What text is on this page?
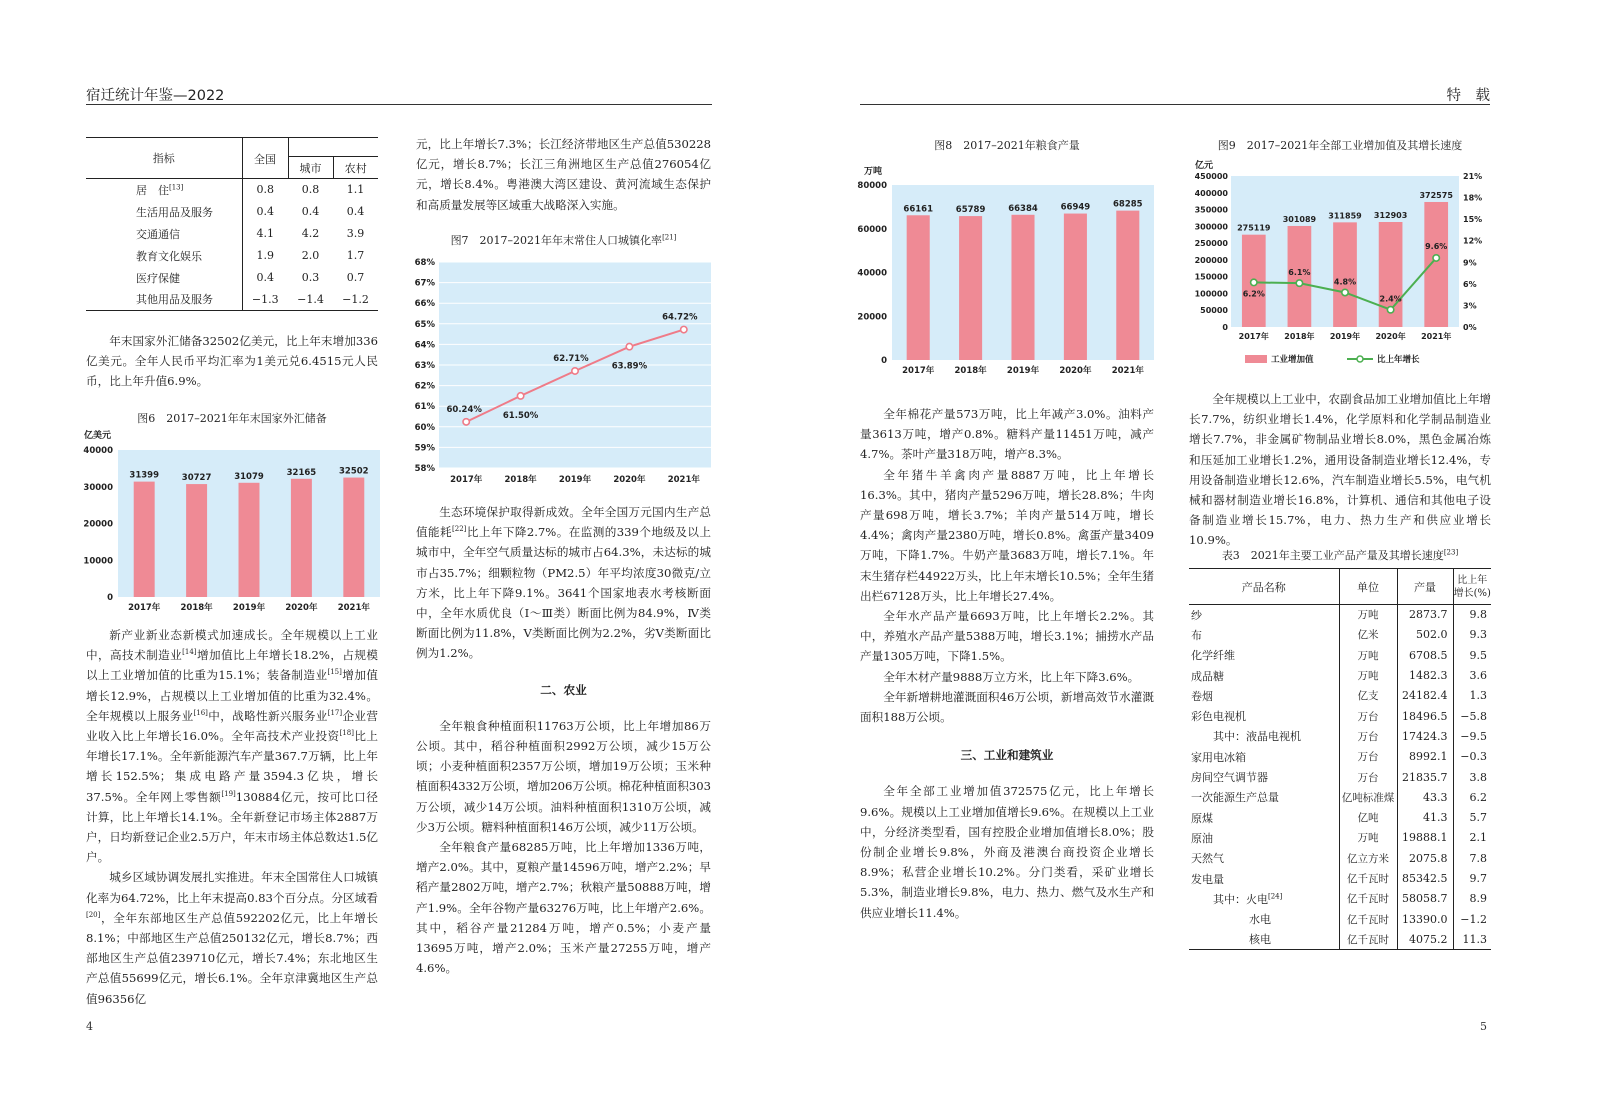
宿迁统计年鉴—2022
指标	全国		
		城市	农村
居　住[13]	0.8	0.8	1.1
生活用品及服务	0.4	0.4	0.4
交通通信	4.1	4.2	3.9
教育文化娱乐	1.9	2.0	1.7
医疗保健	0.4	0.3	0.7
其他用品及服务	−1.3	−1.4	−1.2

年末国家外汇储备32502亿美元，比上年末增加336亿美元。全年人民币平均汇率为1美元兑6.4515元人民币，比上年升值6.9%。

图6　2017–2021年年末国家外汇储备
亿美元
0
10000
20000
30000
40000
31399
2017年
30727
2018年
31079
2019年
32165
2020年
32502
2021年

新产业新业态新模式加速成长。全年规模以上工业中，高技术制造业[14]增加值比上年增长18.2%，占规模以上工业增加值的比重为15.1%；装备制造业[15]增加值增长12.9%，占规模以上工业增加值的比重为32.4%。全年规模以上服务业[16]中，战略性新兴服务业[17]企业营业收入比上年增长16.0%。全年高技术产业投资[18]比上年增长17.1%。全年新能源汽车产量367.7万辆，比上年增长152.5%；集成电路产量3594.3亿块，增长37.5%。全年网上零售额[19]130884亿元，按可比口径计算，比上年增长14.1%。全年新登记市场主体2887万户，日均新登记企业2.5万户，年末市场主体总数达1.5亿户。

城乡区域协调发展扎实推进。年末全国常住人口城镇化率为64.72%，比上年末提高0.83个百分点。分区域看[20]，全年东部地区生产总值592202亿元，比上年增长8.1%；中部地区生产总值250132亿元，增长8.7%；西部地区生产总值239710亿元，增长7.4%；东北地区生产总值55699亿元，增长6.1%。全年京津冀地区生产总值96356亿

元，比上年增长7.3%；长江经济带地区生产总值530228亿元，增长8.7%；长江三角洲地区生产总值276054亿元，增长8.4%。粤港澳大湾区建设、黄河流域生态保护和高质量发展等区域重大战略深入实施。

图7　2017–2021年年末常住人口城镇化率[21]
58%
59%
60%
61%
62%
63%
64%
65%
66%
67%
68%
60.24%
2017年
61.50%
2018年
62.71%
2019年
63.89%
2020年
64.72%
2021年

生态环境保护取得新成效。全年全国万元国内生产总值能耗[22]比上年下降2.7%。在监测的339个地级及以上城市中，全年空气质量达标的城市占64.3%，未达标的城市占35.7%；细颗粒物（PM2.5）年平均浓度30微克/立方米，比上年下降9.1%。3641个国家地表水考核断面中，全年水质优良（Ⅰ～Ⅲ类）断面比例为84.9%，Ⅳ类断面比例为11.8%，Ⅴ类断面比例为2.2%，劣Ⅴ类断面比例为1.2%。

二、农业

全年粮食种植面积11763万公顷，比上年增加86万公顷。其中，稻谷种植面积2992万公顷，减少15万公顷；小麦种植面积2357万公顷，增加19万公顷；玉米种植面积4332万公顷，增加206万公顷。棉花种植面积303万公顷，减少14万公顷。油料种植面积1310万公顷，减少3万公顷。糖料种植面积146万公顷，减少11万公顷。

全年粮食产量68285万吨，比上年增加1336万吨，增产2.0%。其中，夏粮产量14596万吨，增产2.2%；早稻产量2802万吨，增产2.7%；秋粮产量50888万吨，增产1.9%。全年谷物产量63276万吨，比上年增产2.6%。其中，稻谷产量21284万吨，增产0.5%；小麦产量13695万吨，增产2.0%；玉米产量27255万吨，增产4.6%。

4
特　载
图8　2017–2021年粮食产量
万吨
0
20000
40000
60000
80000
66161
2017年
65789
2018年
66384
2019年
66949
2020年
68285
2021年

全年棉花产量573万吨，比上年减产3.0%。油料产量3613万吨，增产0.8%。糖料产量11451万吨，减产4.7%。茶叶产量318万吨，增产8.3%。

全年猪牛羊禽肉产量8887万吨，比上年增长16.3%。其中，猪肉产量5296万吨，增长28.8%；牛肉产量698万吨，增长3.7%；羊肉产量514万吨，增长4.4%；禽肉产量2380万吨，增长0.8%。禽蛋产量3409万吨，下降1.7%。牛奶产量3683万吨，增长7.1%。年末生猪存栏44922万头，比上年末增长10.5%；全年生猪出栏67128万头，比上年增长27.4%。

全年水产品产量6693万吨，比上年增长2.2%。其中，养殖水产品产量5388万吨，增长3.1%；捕捞水产品产量1305万吨，下降1.5%。

全年木材产量9888万立方米，比上年下降3.6%。

全年新增耕地灌溉面积46万公顷，新增高效节水灌溉面积188万公顷。

三、工业和建筑业

全年全部工业增加值372575亿元，比上年增长9.6%。规模以上工业增加值增长9.6%。在规模以上工业中，分经济类型看，国有控股企业增加值增长8.0%；股份制企业增长9.8%，外商及港澳台商投资企业增长8.9%；私营企业增长10.2%。分门类看，采矿业增长5.3%，制造业增长9.8%，电力、热力、燃气及水生产和供应业增长11.4%。

图9　2017–2021年全部工业增加值及其增长速度
亿元
0
50000
100000
150000
200000
250000
300000
350000
400000
450000
0%
3%
6%
9%
12%
15%
18%
21%
275119
2017年
301089
2018年
311859
2019年
312903
2020年
372575
2021年
6.2%
6.1%
4.8%
2.4%
9.6%
工业增加值	比上年增长

全年规模以上工业中，农副食品加工业增加值比上年增长7.7%，纺织业增长1.4%，化学原料和化学制品制造业增长7.7%，非金属矿物制品业增长8.0%，黑色金属冶炼和压延加工业增长1.2%，通用设备制造业增长12.4%，专用设备制造业增长12.6%，汽车制造业增长5.5%，电气机械和器材制造业增长16.8%，计算机、通信和其他电子设备制造业增长15.7%，电力、热力生产和供应业增长10.9%。

表3　2021年主要工业产品产量及其增长速度[23]
产品名称	单位	产量	比上年
增长(%)
纱	万吨	2873.7	9.8
布	亿米	502.0	9.3
化学纤维	万吨	6708.5	9.5
成品糖	万吨	1482.3	3.6
卷烟	亿支	24182.4	1.3
彩色电视机	万台	18496.5	−5.8
其中：液晶电视机	万台	17424.3	−9.5
家用电冰箱	万台	8992.1	−0.3
房间空气调节器	万台	21835.7	3.8
一次能源生产总量	亿吨标准煤	43.3	6.2
原煤	亿吨	41.3	5.7
原油	万吨	19888.1	2.1
天然气	亿立方米	2075.8	7.8
发电量	亿千瓦时	85342.5	9.7
其中：火电[24]	亿千瓦时	58058.7	8.9
水电	亿千瓦时	13390.0	−1.2
核电	亿千瓦时	4075.2	11.3
5
